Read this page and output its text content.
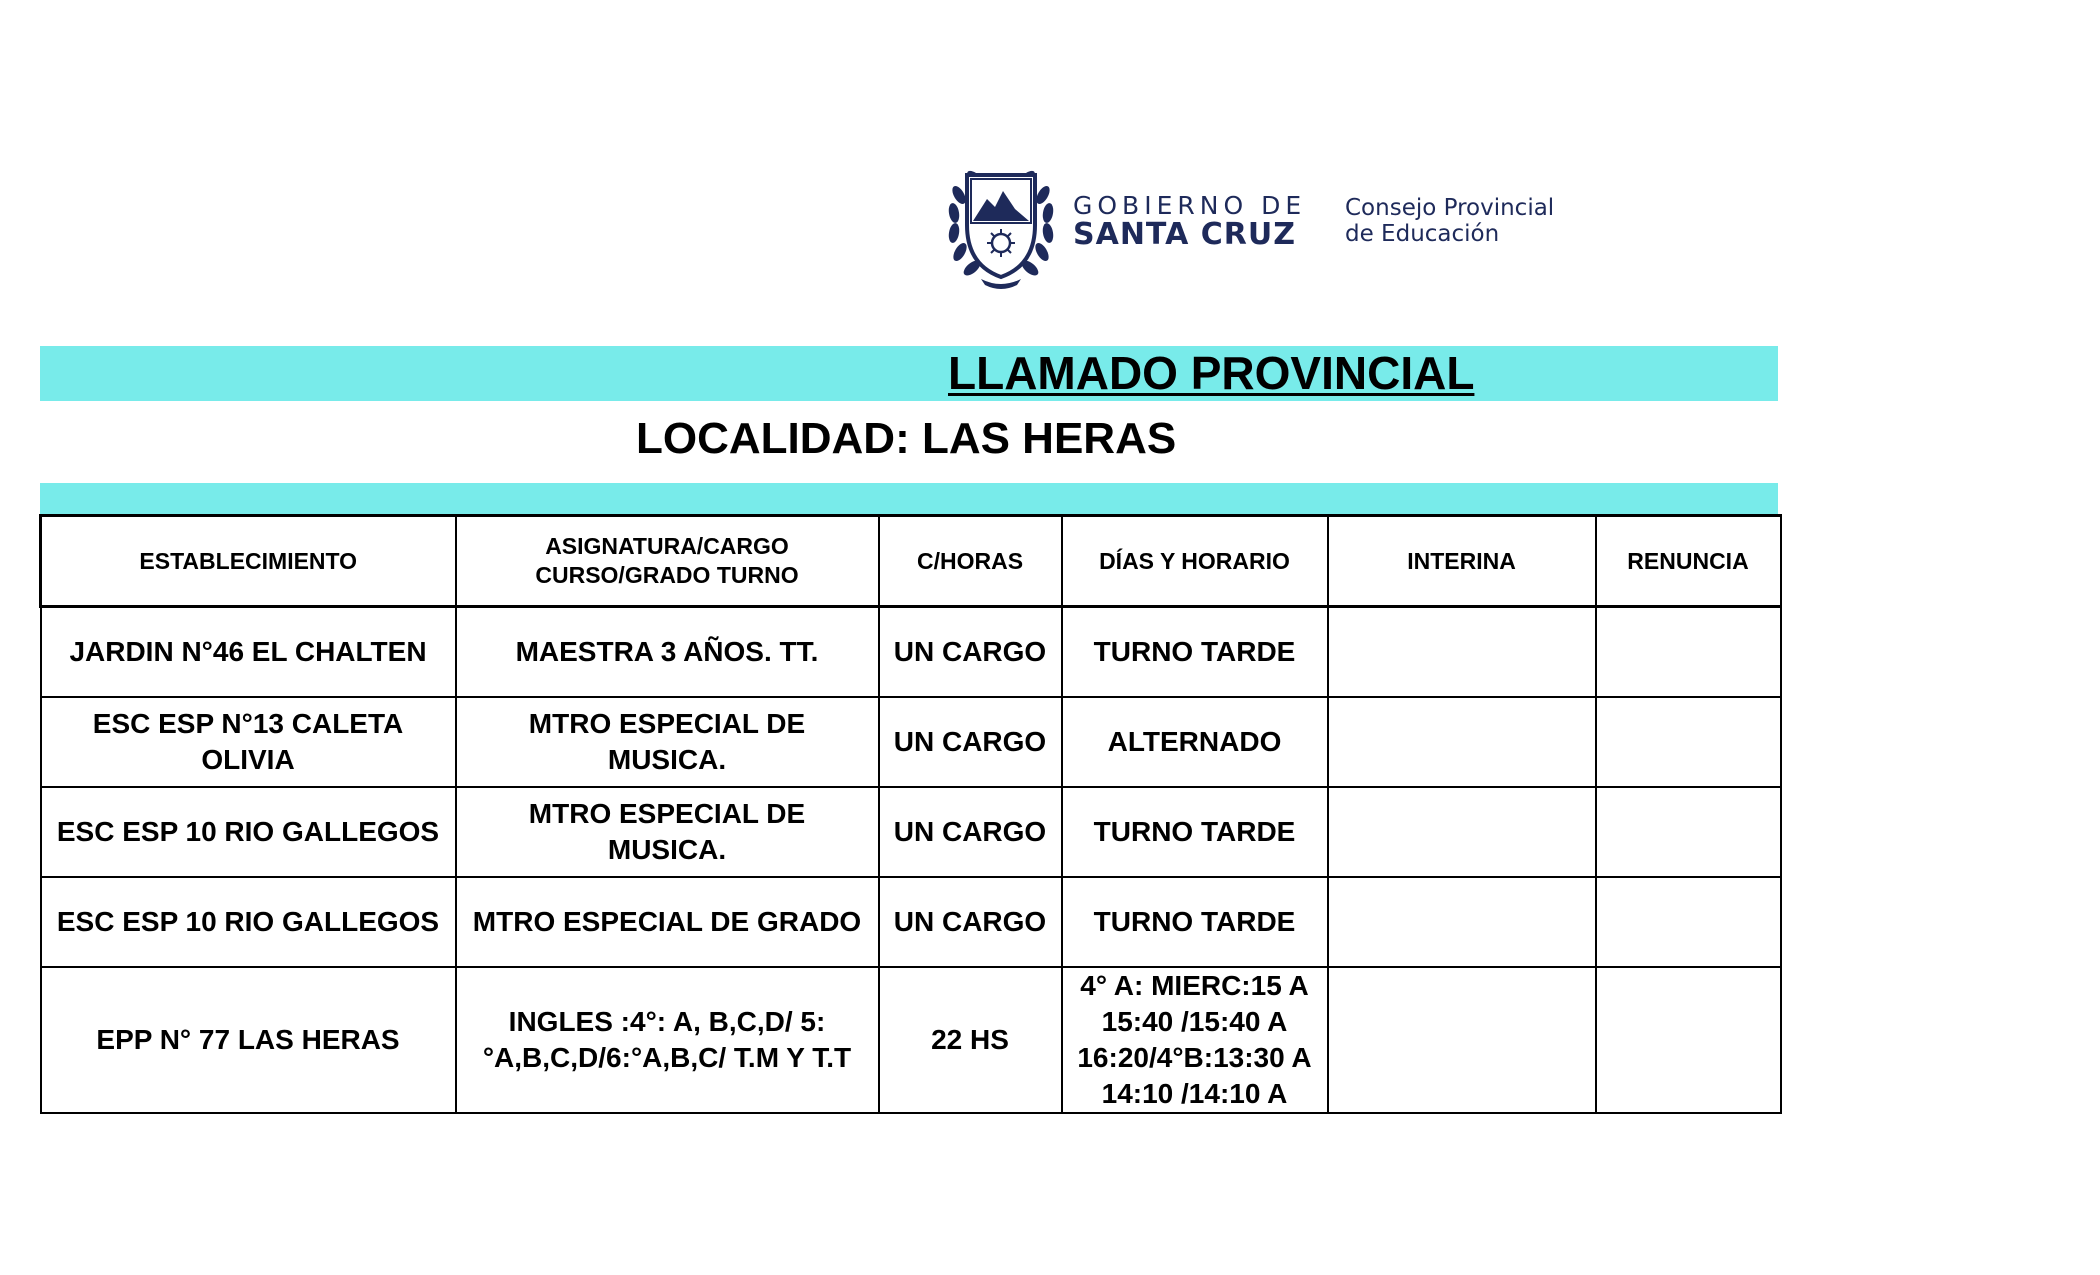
GOBIERNO DE
SANTA CRUZ
Consejo Provincial
de Educación
LLAMADO PROVINCIAL
LOCALIDAD: LAS HERAS
ESTABLECIMIENTO	ASIGNATURA/CARGO CURSO/GRADO TURNO	C/HORAS	DÍAS Y HORARIO	INTERINA	RENUNCIA
JARDIN N°46 EL CHALTEN	MAESTRA 3 AÑOS. TT.	UN CARGO	TURNO TARDE		
ESC ESP N°13 CALETA OLIVIA	MTRO ESPECIAL DE MUSICA.	UN CARGO	ALTERNADO		
ESC ESP 10 RIO GALLEGOS	MTRO ESPECIAL DE MUSICA.	UN CARGO	TURNO TARDE		
ESC ESP 10 RIO GALLEGOS	MTRO ESPECIAL DE GRADO	UN CARGO	TURNO TARDE		
EPP N° 77 LAS HERAS	INGLES :4°: A, B,C,D/ 5:°A,B,C,D/6:°A,B,C/ T.M Y T.T	22 HS	4° A: MIERC:15 A 15:40 /15:40 A 16:20/4°B:13:30 A 14:10 /14:10 A		
